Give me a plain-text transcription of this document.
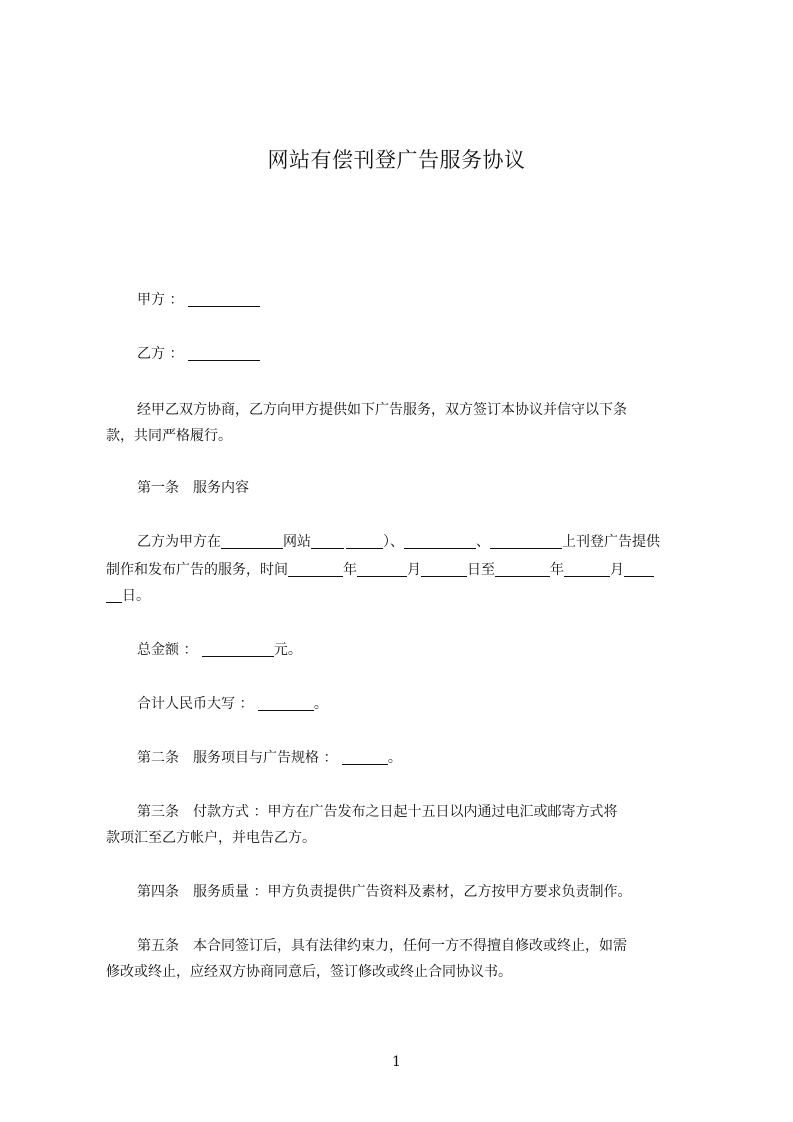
网站有偿刊登广告服务协议
甲方 ：
乙方 ：
经甲乙双方协商，乙方向甲方提供如下广告服务，双方签订本协议并信守以下条
款，共同严格履行。
第一条　服务内容
乙方为甲方在	网站	）、	、	上刊登广告提供
制作和发布广告的服务，时间	年	月	日至	年	月
日。
总金额 ：	元。
合计人民币大写 ：	。
第二条　服务项目与广告规格 ：	。
第三条　付款方式 ：甲方在广告发布之日起十五日以内通过电汇或邮寄方式将
款项汇至乙方帐户，并电告乙方。
第四条　服务质量 ：甲方负责提供广告资料及素材，乙方按甲方要求负责制作。
第五条　本合同签订后，具有法律约束力，任何一方不得擅自修改或终止，如需
修改或终止，应经双方协商同意后，签订修改或终止合同协议书。
1
